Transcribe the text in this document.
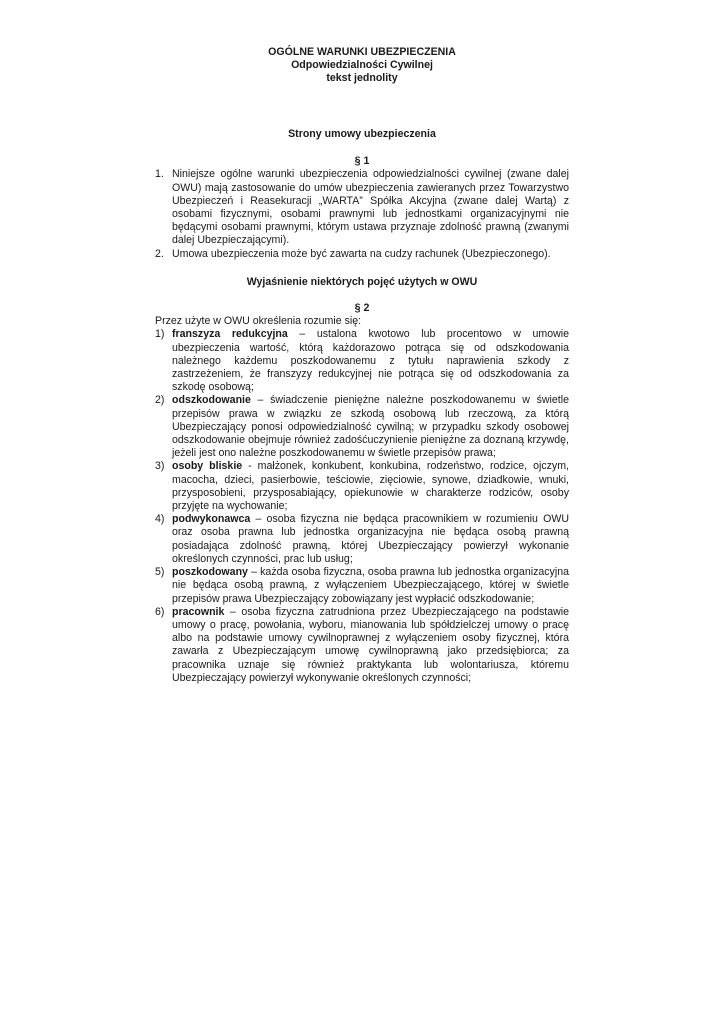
OGÓLNE WARUNKI UBEZPIECZENIA
Odpowiedzialności Cywilnej
tekst jednolity
Strony umowy ubezpieczenia
§ 1
1. Niniejsze ogólne warunki ubezpieczenia odpowiedzialności cywilnej (zwane dalej OWU) mają zastosowanie do umów ubezpieczenia zawieranych przez Towarzystwo Ubezpieczeń i Reasekuracji „WARTA” Spółka Akcyjna (zwane dalej Wartą) z osobami fizycznymi, osobami prawnymi lub jednostkami organizacyjnymi nie będącymi osobami prawnymi, którym ustawa przyznaje zdolność prawną (zwanymi dalej Ubezpieczającymi).
2. Umowa ubezpieczenia może być zawarta na cudzy rachunek (Ubezpieczonego).
Wyjaśnienie niektórych pojęć użytych w OWU
§ 2
Przez użyte w OWU określenia rozumie się:
1) franszyza redukcyjna – ustalona kwotowo lub procentowo w umowie ubezpieczenia wartość, którą każdorazowo potrąca się od odszkodowania należnego każdemu poszkodowanemu z tytułu naprawienia szkody z zastrzeżeniem, że franszyzy redukcyjnej nie potrąca się od odszkodowania za szkodę osobową;
2) odszkodowanie – świadczenie pieniężne należne poszkodowanemu w świetle przepisów prawa w związku ze szkodą osobową lub rzeczową, za którą Ubezpieczający ponosi odpowiedzialność cywilną; w przypadku szkody osobowej odszkodowanie obejmuje również zadośćuczynienie pieniężne za doznaną krzywdę, jeżeli jest ono należne poszkodowanemu w świetle przepisów prawa;
3) osoby bliskie - małżonek, konkubent, konkubina, rodzeństwo, rodzice, ojczym, macocha, dzieci, pasierbowie, teściowie, zięciowie, synowe, dziadkowie, wnuki, przysposobieni, przysposabiający, opiekunowie w charakterze rodziców, osoby przyjęte na wychowanie;
4) podwykonawca – osoba fizyczna nie będąca pracownikiem w rozumieniu OWU oraz osoba prawna lub jednostka organizacyjna nie będąca osobą prawną posiadająca zdolność prawną, której Ubezpieczający powierzył wykonanie określonych czynności, prac lub usług;
5) poszkodowany – każda osoba fizyczna, osoba prawna lub jednostka organizacyjna nie będąca osobą prawną, z wyłączeniem Ubezpieczającego, której w świetle przepisów prawa Ubezpieczający zobowiązany jest wypłacić odszkodowanie;
6) pracownik – osoba fizyczna zatrudniona przez Ubezpieczającego na podstawie umowy o pracę, powołania, wyboru, mianowania lub spółdzielczej umowy o pracę albo na podstawie umowy cywilnoprawnej z wyłączeniem osoby fizycznej, która zawarła z Ubezpieczającym umowę cywilnoprawną jako przedsiębiorca; za pracownika uznaje się również praktykanta lub wolontariusza, któremu Ubezpieczający powierzył wykonywanie określonych czynności;
